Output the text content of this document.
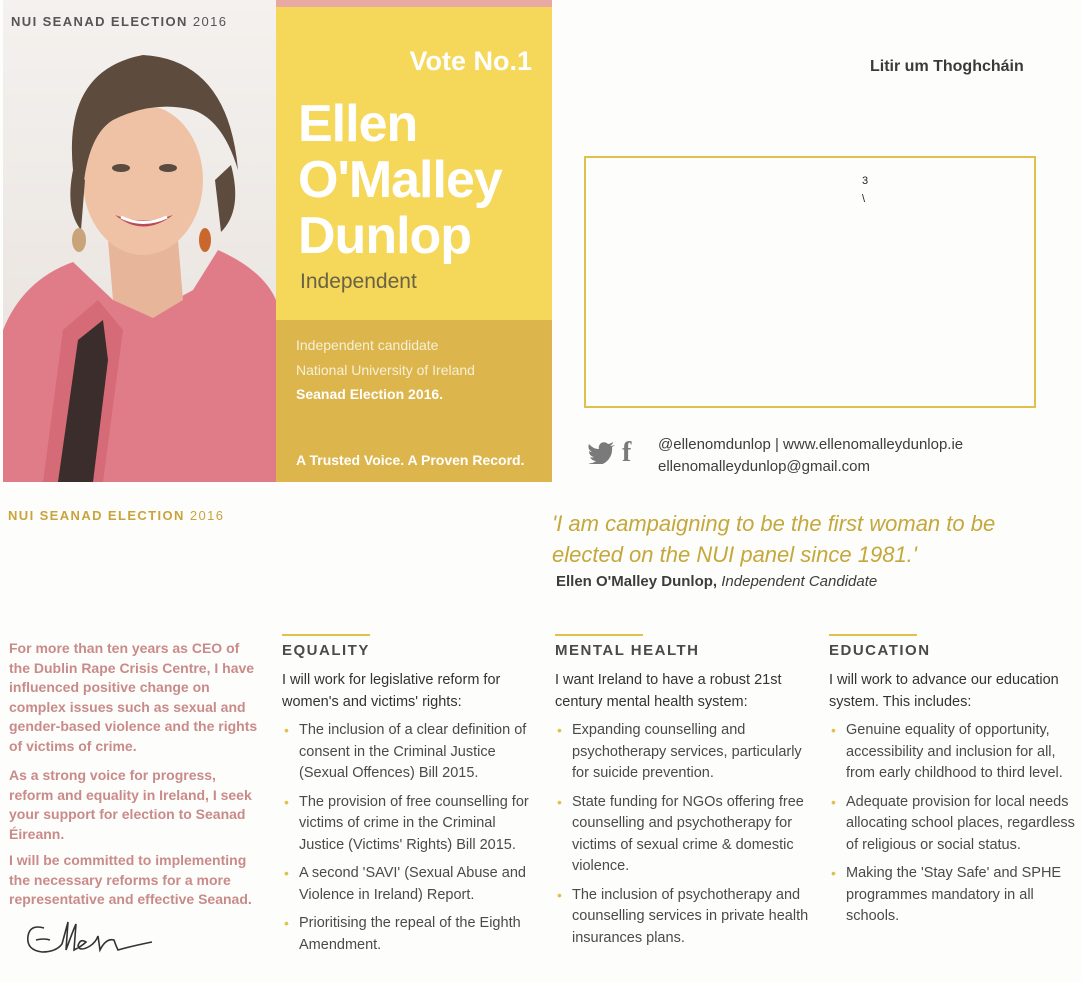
NUI SEANAD ELECTION 2016
Vote No.1
Ellen
O'Malley
Dunlop
Independent
Independent candidate
National University of Ireland
Seanad Election 2016.
A Trusted Voice. A Proven Record.
Litir um Thoghcháin
3
\
f @ellenomdunlop | www.ellenomalleydunlop.ie
ellenomalleydunlop@gmail.com
NUI SEANAD ELECTION 2016	'I am campaigning to be the first woman to be elected on the NUI panel since 1981.'
Ellen O'Malley Dunlop, Independent Candidate
For more than ten years as CEO of the Dublin Rape Crisis Centre, I have influenced positive change on complex issues such as sexual and gender-based violence and the rights of victims of crime.
As a strong voice for progress, reform and equality in Ireland, I seek your support for election to Seanad Éireann.
I will be committed to implementing the necessary reforms for a more representative and effective Seanad.
EQUALITY
I will work for legislative reform for women's and victims' rights:
• The inclusion of a clear definition of consent in the Criminal Justice (Sexual Offences) Bill 2015.
• The provision of free counselling for victims of crime in the Criminal Justice (Victims' Rights) Bill 2015.
• A second 'SAVI' (Sexual Abuse and Violence in Ireland) Report.
• Prioritising the repeal of the Eighth Amendment.
MENTAL HEALTH
I want Ireland to have a robust 21st century mental health system:
• Expanding counselling and psychotherapy services, particularly for suicide prevention.
• State funding for NGOs offering free counselling and psychotherapy for victims of sexual crime & domestic violence.
• The inclusion of psychotherapy and counselling services in private health insurances plans.
EDUCATION
I will work to advance our education system. This includes:
• Genuine equality of opportunity, accessibility and inclusion for all, from early childhood to third level.
• Adequate provision for local needs allocating school places, regardless of religious or social status.
• Making the 'Stay Safe' and SPHE programmes mandatory in all schools.
